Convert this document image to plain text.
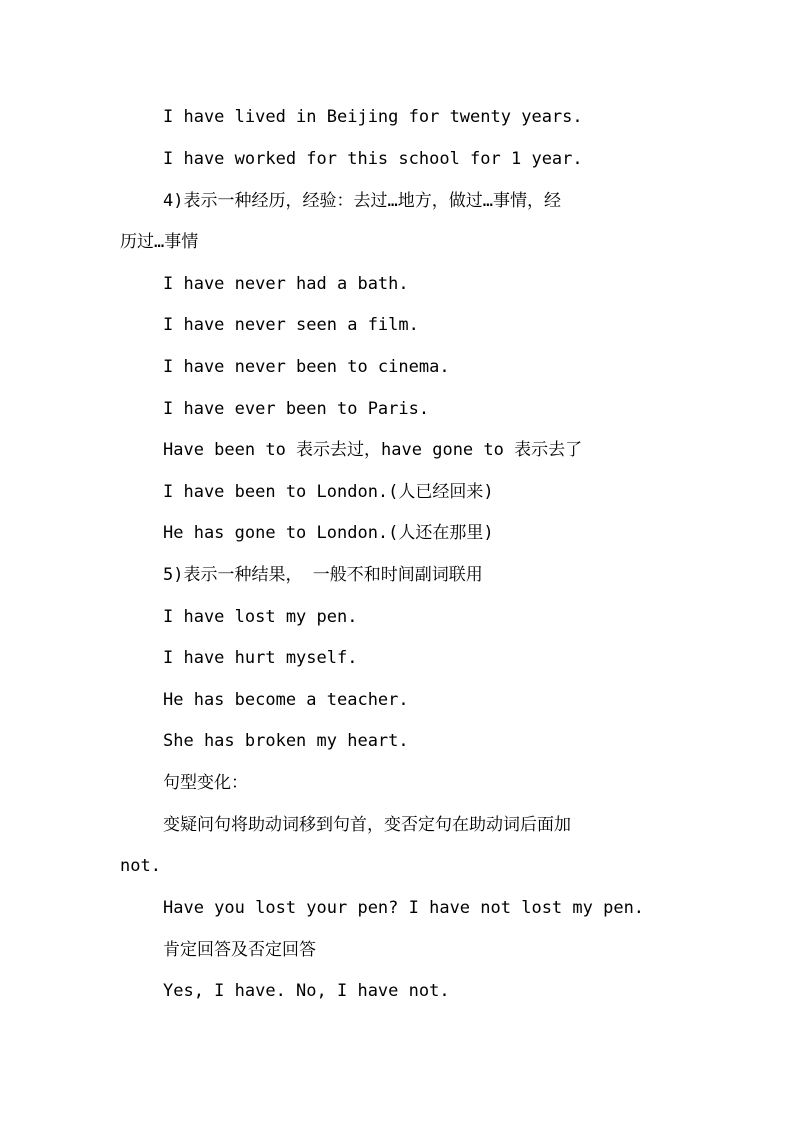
I have lived in Beijing for twenty years.
I have worked for this school for 1 year.
4)表示一种经历，经验：去过…地方，做过…事情，经
历过…事情
I have never had a bath.
I have never seen a film.
I have never been to cinema.
I have ever been to Paris.
Have been to 表示去过，have gone to 表示去了
I have been to London.(人已经回来)
He has gone to London.(人还在那里)
5)表示一种结果， 一般不和时间副词联用
I have lost my pen.
I have hurt myself.
He has become a teacher.
She has broken my heart.
句型变化：
变疑问句将助动词移到句首，变否定句在助动词后面加
not.
Have you lost your pen? I have not lost my pen.
肯定回答及否定回答
Yes, I have. No, I have not.
